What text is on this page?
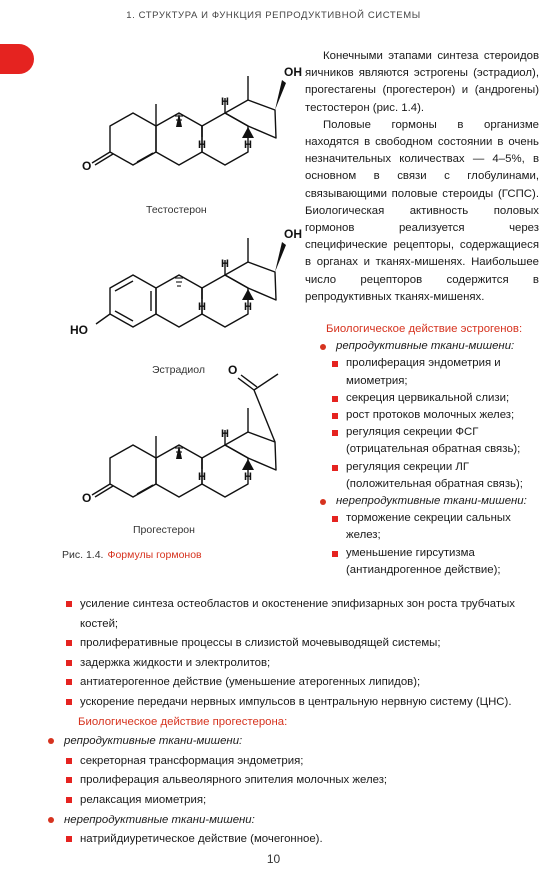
1. СТРУКТУРА И ФУНКЦИЯ РЕПРОДУКТИВНОЙ СИСТЕМЫ
O
OH
H
H
H
Тестостерон
HO
OH
H
H
H
Эстрадиол
O
O
H
H
H
Прогестерон
Рис. 1.4. Формулы гормонов

Конечными этапами синтеза стероидов яичников являются эстрогены (эстрадиол), прогестагены (прогестерон) и (андрогены) тестостерон (рис. 1.4).

Половые гормоны в организме находятся в свободном состоянии в очень незначительных количествах — 4–5%, в основном в связи с глобулинами, связывающими половые стероиды (ГСПС). Биологическая активность половых гормонов реализуется через специфические рецепторы, содержащиеся в органах и тканях-мишенях. Наибольшее число рецепторов содержится в репродуктивных тканях-мишенях.

Биологическое действие эстрогенов:
репродуктивные ткани-мишени:
пролиферация эндометрия и миометрия;
секреция цервикальной слизи;
рост протоков молочных желез;
регуляция секреции ФСГ (отрицательная обратная связь);
регуляция секреции ЛГ (положительная обратная связь);
нерепродуктивные ткани-мишени:
торможение секреции сальных желез;
уменьшение гирсутизма (антиандрогенное действие);
усиление синтеза остеобластов и окостенение эпифизарных зон роста трубчатых костей;
пролиферативные процессы в слизистой мочевыводящей системы;
задержка жидкости и электролитов;
антиатерогенное действие (уменьшение атерогенных липидов);
ускорение передачи нервных импульсов в центральную нервную систему (ЦНС).
Биологическое действие прогестерона:
репродуктивные ткани-мишени:
секреторная трансформация эндометрия;
пролиферация альвеолярного эпителия молочных желез;
релаксация миометрия;
нерепродуктивные ткани-мишени:
натрийдиуретическое действие (мочегонное).
10
